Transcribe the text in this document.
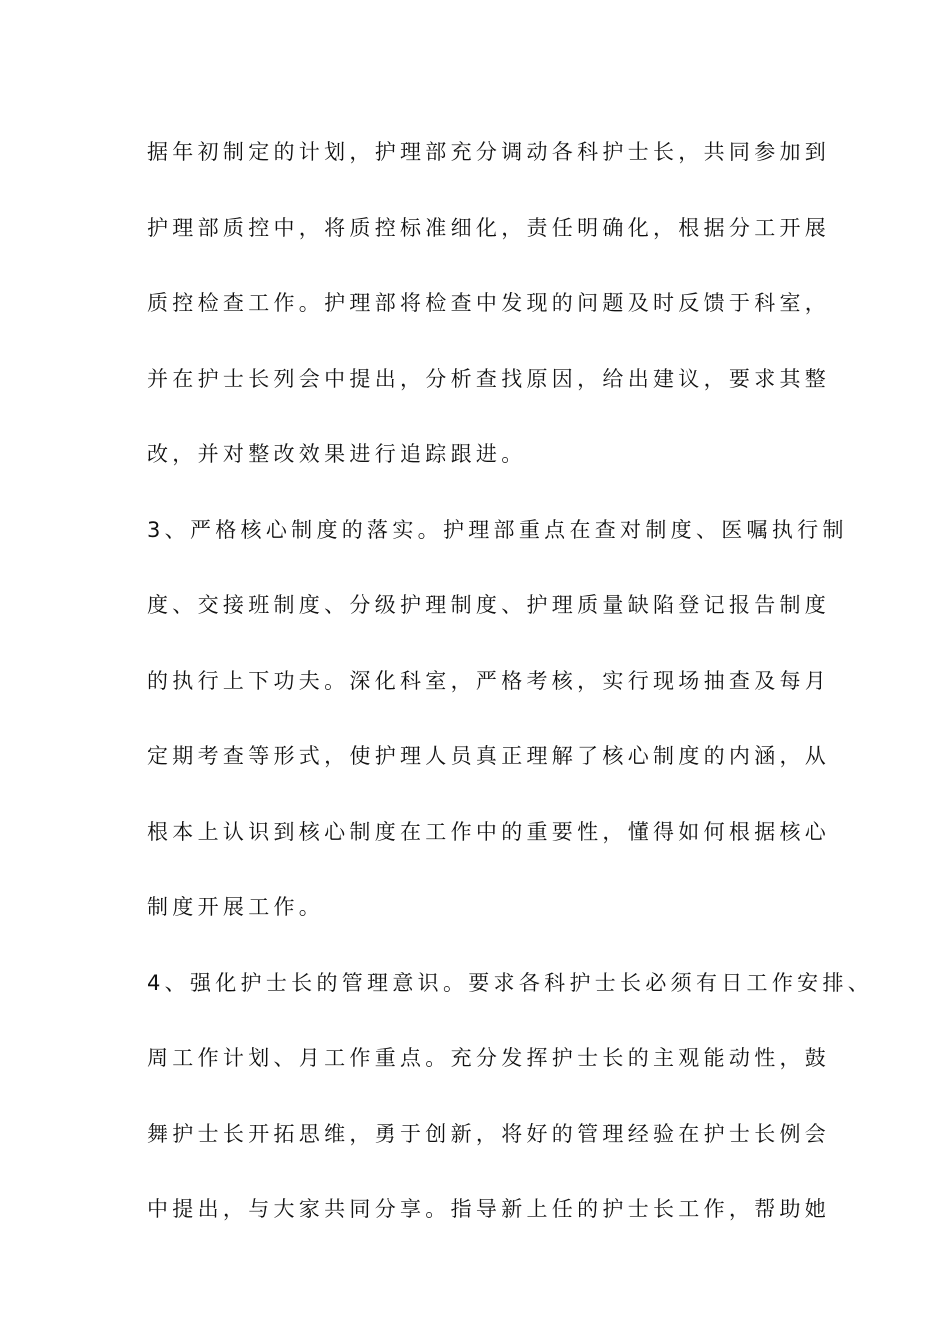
据年初制定的计划，护理部充分调动各科护士长，共同参加到
护理部质控中，将质控标准细化，责任明确化，根据分工开展
质控检查工作。护理部将检查中发现的问题及时反馈于科室，
并在护士长列会中提出，分析查找原因，给出建议，要求其整
改，并对整改效果进行追踪跟进。
3、严格核心制度的落实。护理部重点在查对制度、医嘱执行制
度、交接班制度、分级护理制度、护理质量缺陷登记报告制度
的执行上下功夫。深化科室，严格考核，实行现场抽查及每月
定期考查等形式，使护理人员真正理解了核心制度的内涵，从
根本上认识到核心制度在工作中的重要性，懂得如何根据核心
制度开展工作。
4、强化护士长的管理意识。要求各科护士长必须有日工作安排、
周工作计划、月工作重点。充分发挥护士长的主观能动性，鼓
舞护士长开拓思维，勇于创新，将好的管理经验在护士长例会
中提出，与大家共同分享。指导新上任的护士长工作，帮助她
